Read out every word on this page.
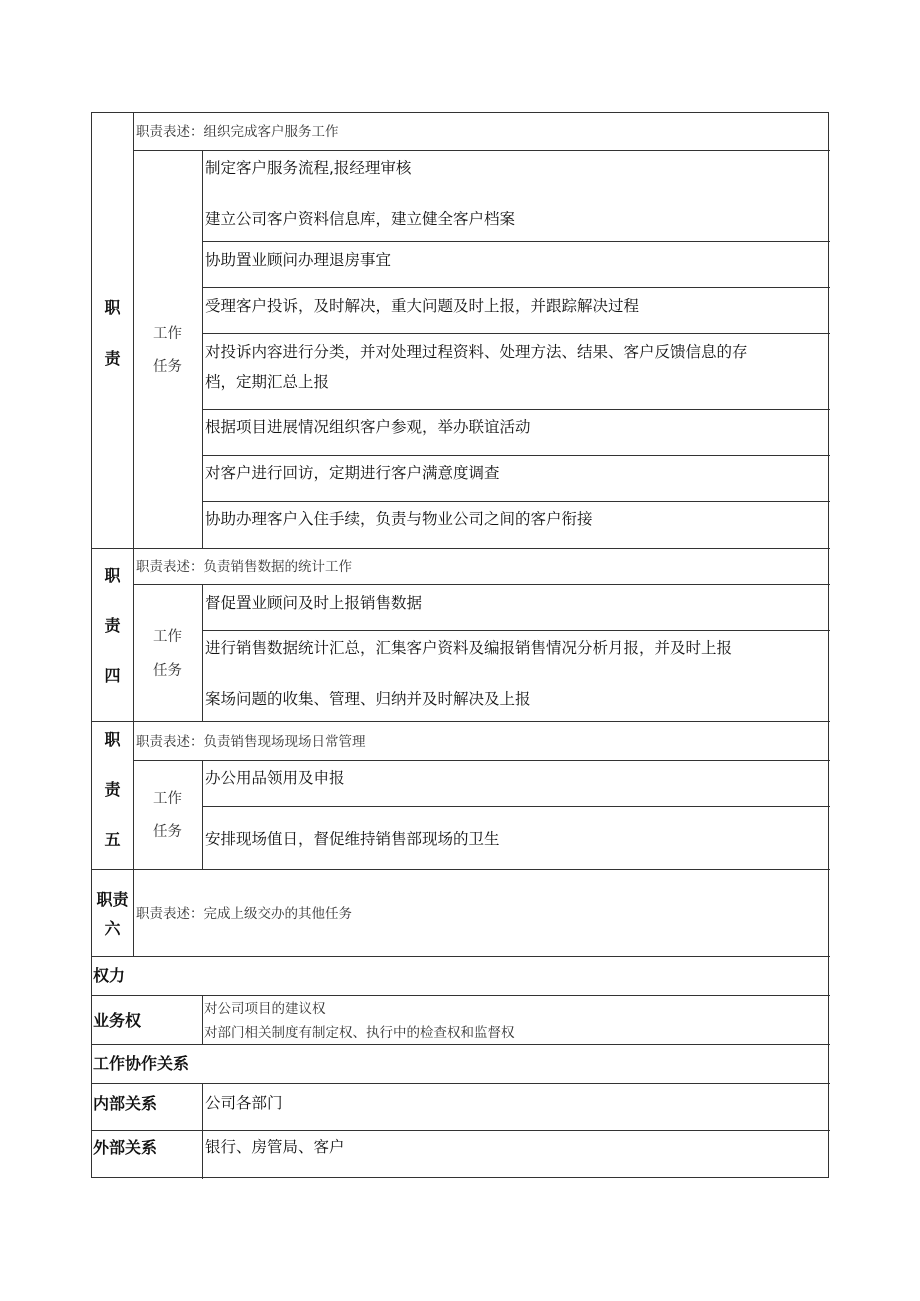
职
责
职责表述：组织完成客户服务工作
工作
任务
制定客户服务流程,报经理审核
建立公司客户资料信息库，建立健全客户档案
协助置业顾问办理退房事宜
受理客户投诉，及时解决，重大问题及时上报，并跟踪解决过程
对投诉内容进行分类，并对处理过程资料、处理方法、结果、客户反馈信息的存
档，定期汇总上报
根据项目进展情况组织客户参观，举办联谊活动
对客户进行回访，定期进行客户满意度调查
协助办理客户入住手续，负责与物业公司之间的客户衔接
职
责
四
职责表述：负责销售数据的统计工作
工作
任务
督促置业顾问及时上报销售数据
进行销售数据统计汇总，汇集客户资料及编报销售情况分析月报，并及时上报
案场问题的收集、管理、归纳并及时解决及上报
职
责
五
职责表述：负责销售现场现场日常管理
工作
任务
办公用品领用及申报
安排现场值日，督促维持销售部现场的卫生
职责
六
职责表述：完成上级交办的其他任务
权力
业务权
对公司项目的建议权
对部门相关制度有制定权、执行中的检查权和监督权
工作协作关系
内部关系	公司各部门
外部关系	银行、房管局、客户
